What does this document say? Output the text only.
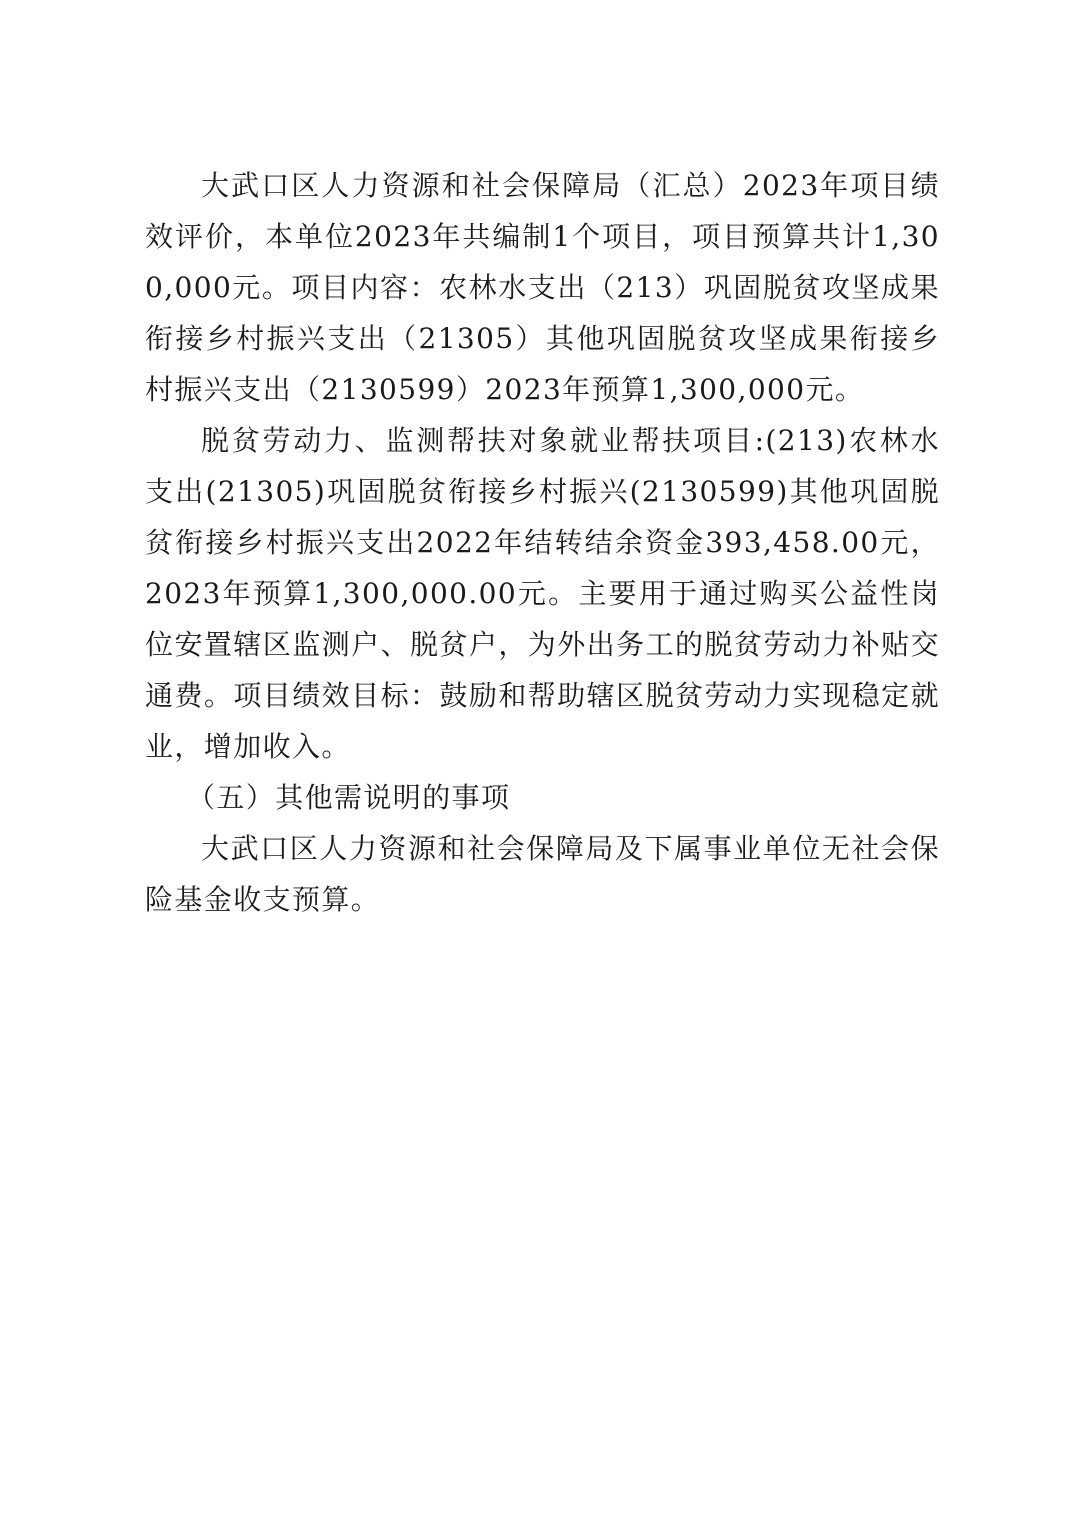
大武口区人力资源和社会保障局（汇总）2023年项目绩效评价，本单位2023年共编制1个项目，项目预算共计1,300,000元。项目内容：农林水支出（213）巩固脱贫攻坚成果衔接乡村振兴支出（21305）其他巩固脱贫攻坚成果衔接乡村振兴支出（2130599）2023年预算1,300,000元。

脱贫劳动力、监测帮扶对象就业帮扶项目:(213)农林水支出(21305)巩固脱贫衔接乡村振兴(2130599)其他巩固脱贫衔接乡村振兴支出2022年结转结余资金393,458.00元，2023年预算1,300,000.00元。主要用于通过购买公益性岗位安置辖区监测户、脱贫户，为外出务工的脱贫劳动力补贴交通费。项目绩效目标：鼓励和帮助辖区脱贫劳动力实现稳定就业，增加收入。

（五）其他需说明的事项

大武口区人力资源和社会保障局及下属事业单位无社会保险基金收支预算。
